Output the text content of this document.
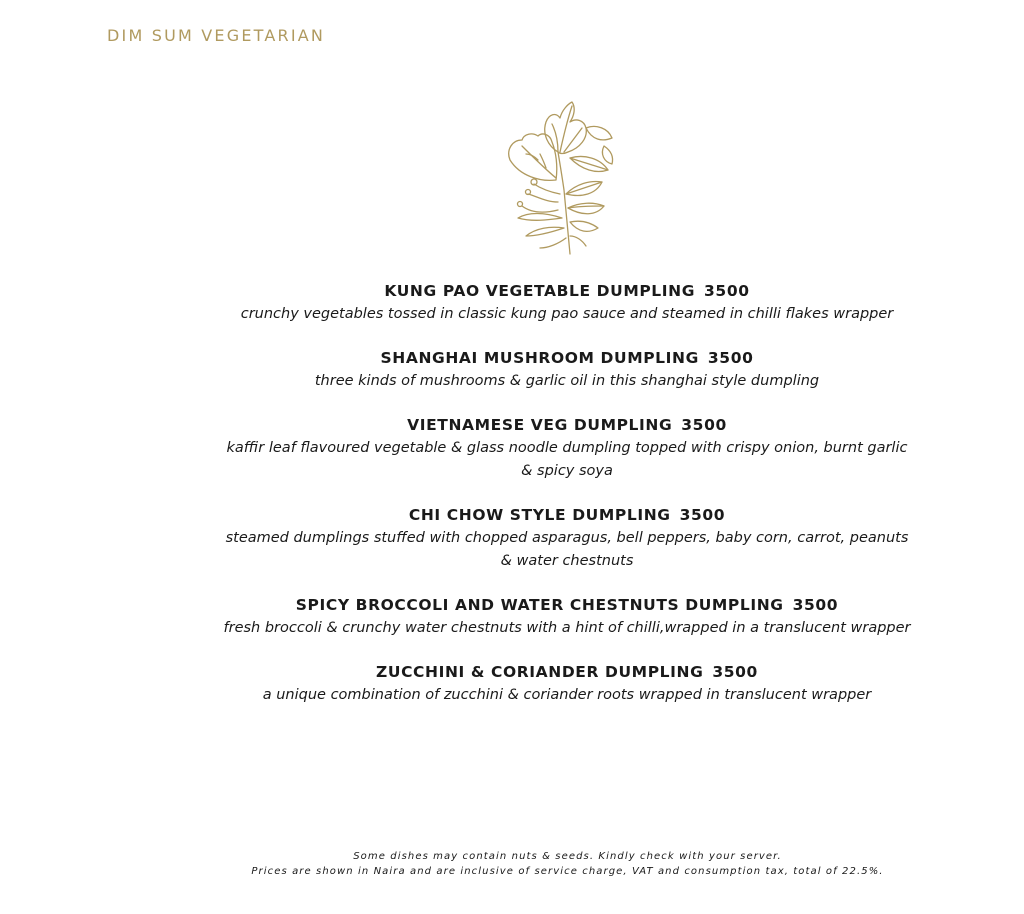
DIM SUM VEGETARIAN
KUNG PAO VEGETABLE DUMPLING 3500
crunchy vegetables tossed in classic kung pao sauce and steamed in chilli flakes wrapper
SHANGHAI MUSHROOM DUMPLING 3500
three kinds of mushrooms & garlic oil in this shanghai style dumpling
VIETNAMESE VEG DUMPLING 3500
kaffir leaf flavoured vegetable & glass noodle dumpling topped with crispy onion, burnt garlic & spicy soya
CHI CHOW STYLE DUMPLING 3500
steamed dumplings stuffed with chopped asparagus, bell peppers, baby corn, carrot, peanuts & water chestnuts
SPICY BROCCOLI AND WATER CHESTNUTS DUMPLING 3500
fresh broccoli & crunchy water chestnuts with a hint of chilli,wrapped in a translucent wrapper
ZUCCHINI & CORIANDER DUMPLING 3500
a unique combination of zucchini & coriander roots wrapped in translucent wrapper
Some dishes may contain nuts & seeds. Kindly check with your server.
Prices are shown in Naira and are inclusive of service charge, VAT and consumption tax, total of 22.5%.
